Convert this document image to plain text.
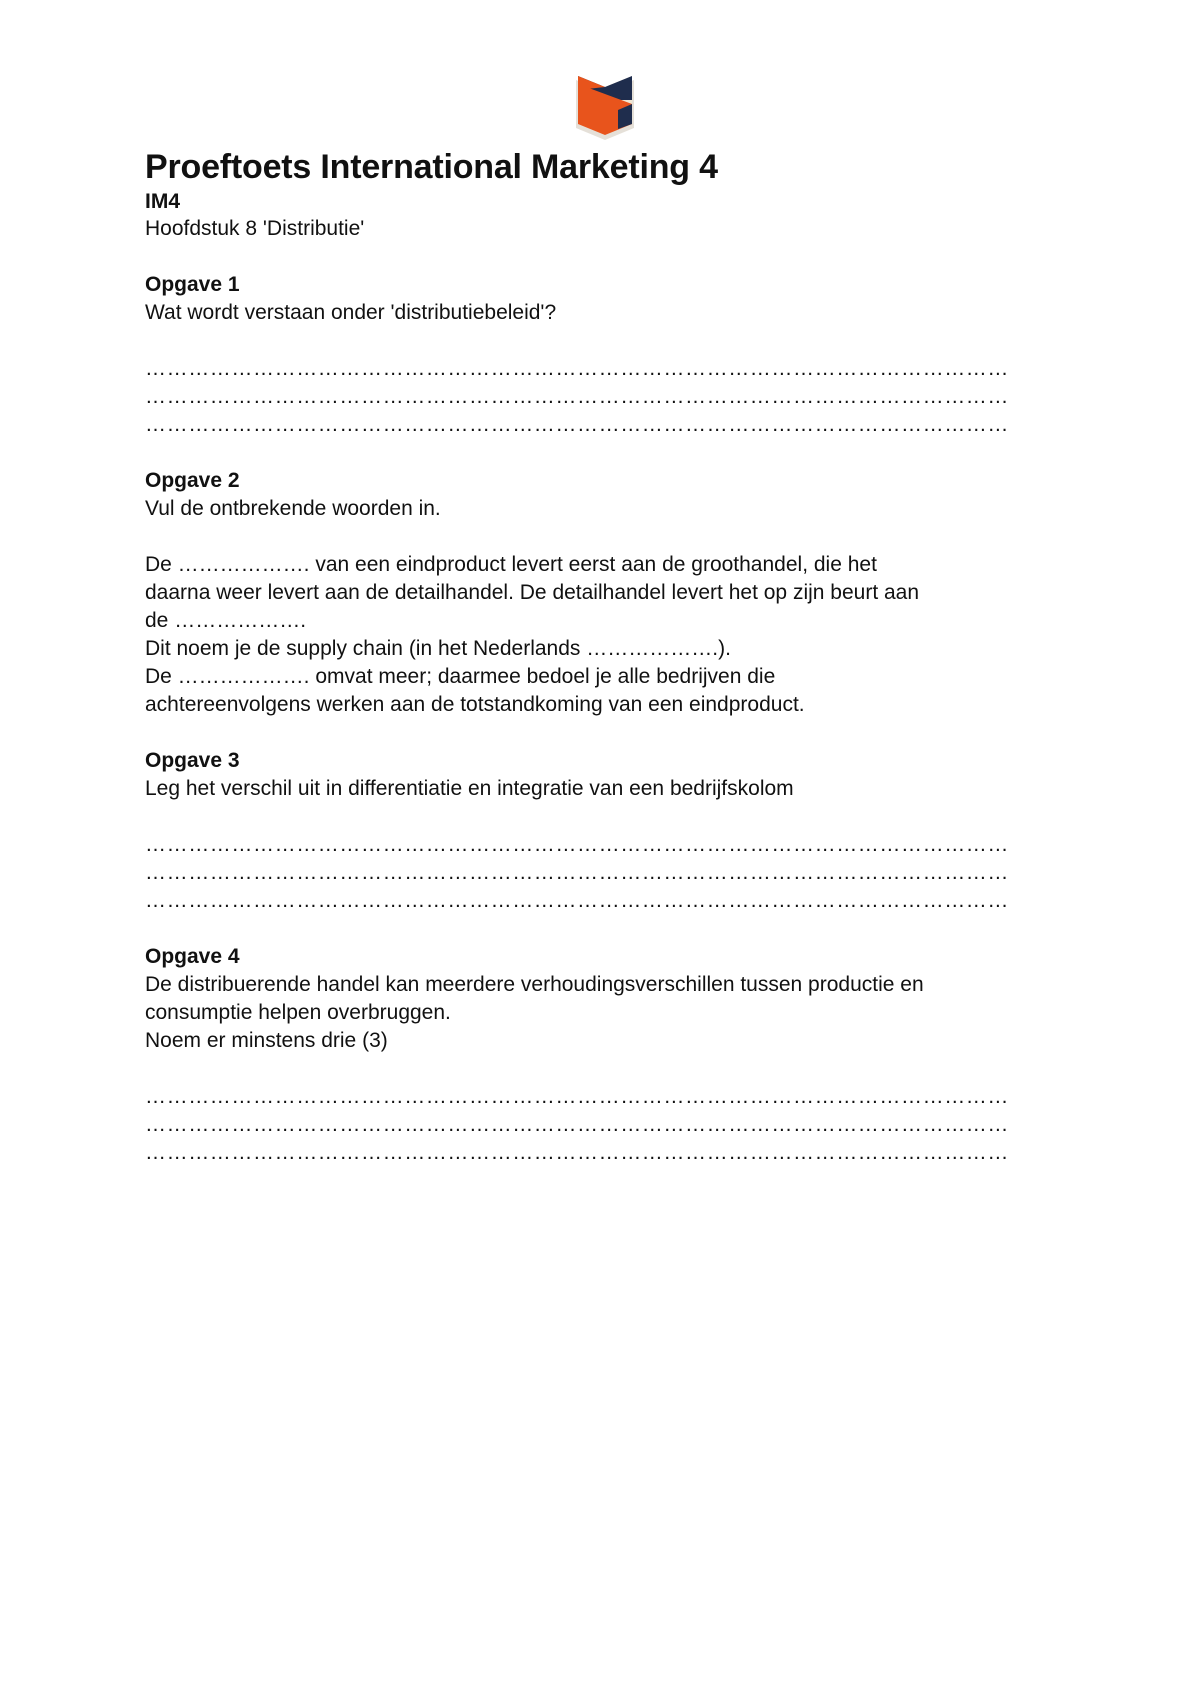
Proeftoets International Marketing 4
IM4
Hoofdstuk 8 'Distributie'
Opgave 1
Wat wordt verstaan onder 'distributiebeleid'?
…………………………………………………………………………………………………………
…………………………………………………………………………………………………………
…………………………………………………………………………………………………………
Opgave 2
Vul de ontbrekende woorden in.
De ………………. van een eindproduct levert eerst aan de groothandel, die het
daarna weer levert aan de detailhandel. De detailhandel levert het op zijn beurt aan
de ……………….
Dit noem je de supply chain (in het Nederlands ……………….).
De ………………. omvat meer; daarmee bedoel je alle bedrijven die
achtereenvolgens werken aan de totstandkoming van een eindproduct.
Opgave 3
Leg het verschil uit in differentiatie en integratie van een bedrijfskolom
…………………………………………………………………………………………………………
…………………………………………………………………………………………………………
…………………………………………………………………………………………………………
Opgave 4
De distribuerende handel kan meerdere verhoudingsverschillen tussen productie en
consumptie helpen overbruggen.
Noem er minstens drie (3)
…………………………………………………………………………………………………………
…………………………………………………………………………………………………………
…………………………………………………………………………………………………………
